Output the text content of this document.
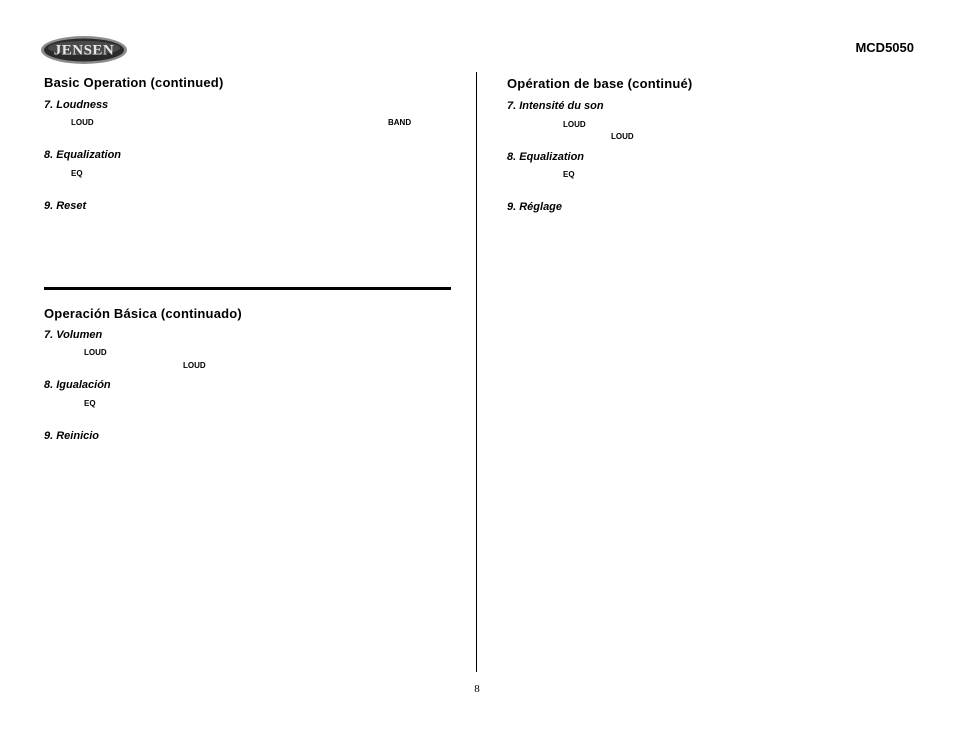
JENSEN	MCD5050
Basic Operation (continued)
7. Loudness
LOUD	BAND
8. Equalization
EQ
9. Reset
Operación Básica (continuado)
7. Volumen
LOUD
LOUD
8. Igualación
EQ
9. Reinicio
Opération de base (continué)
7. Intensité du son
LOUD
LOUD
8. Equalization
EQ
9. Réglage
8
